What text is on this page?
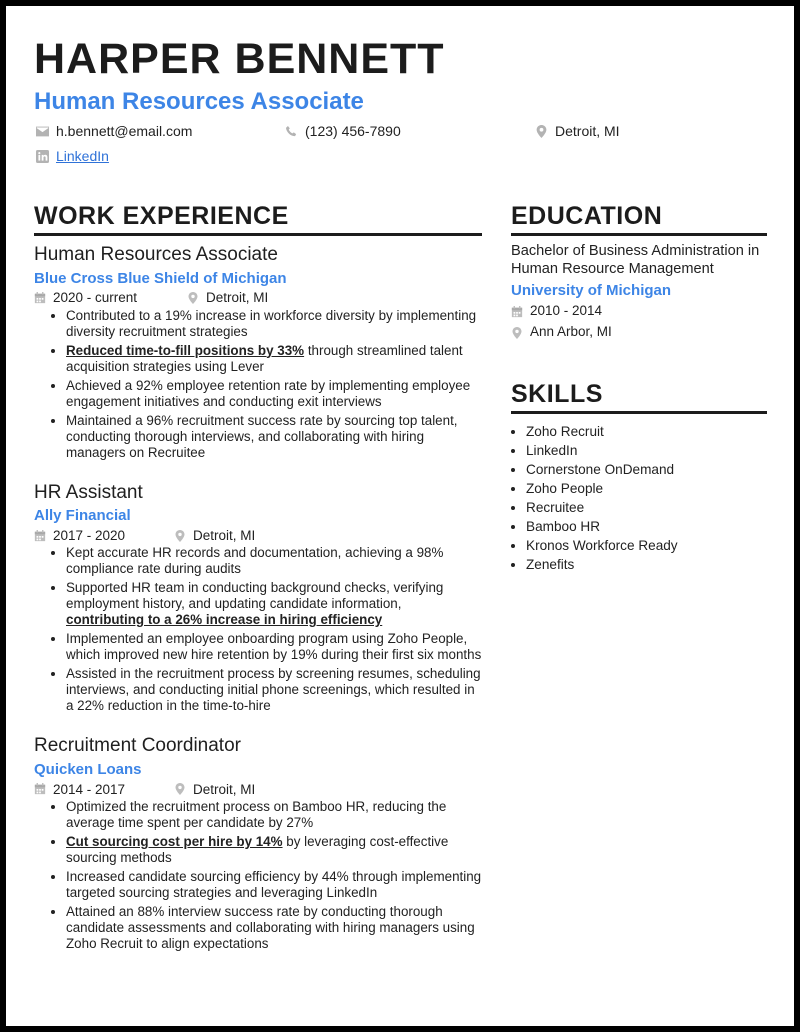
HARPER BENNETT
Human Resources Associate
h.bennett@email.com	(123) 456-7890	Detroit, MI
LinkedIn
WORK EXPERIENCE
Human Resources Associate
Blue Cross Blue Shield of Michigan
2020 - current	Detroit, MI
• Contributed to a 19% increase in workforce diversity by implementing diversity recruitment strategies
• Reduced time-to-fill positions by 33% through streamlined talent acquisition strategies using Lever
• Achieved a 92% employee retention rate by implementing employee engagement initiatives and conducting exit interviews
• Maintained a 96% recruitment success rate by sourcing top talent, conducting thorough interviews, and collaborating with hiring managers on Recruitee
HR Assistant
Ally Financial
2017 - 2020	Detroit, MI
• Kept accurate HR records and documentation, achieving a 98% compliance rate during audits
• Supported HR team in conducting background checks, verifying employment history, and updating candidate information, contributing to a 26% increase in hiring efficiency
• Implemented an employee onboarding program using Zoho People, which improved new hire retention by 19% during their first six months
• Assisted in the recruitment process by screening resumes, scheduling interviews, and conducting initial phone screenings, which resulted in a 22% reduction in the time-to-hire
Recruitment Coordinator
Quicken Loans
2014 - 2017	Detroit, MI
• Optimized the recruitment process on Bamboo HR, reducing the average time spent per candidate by 27%
• Cut sourcing cost per hire by 14% by leveraging cost-effective sourcing methods
• Increased candidate sourcing efficiency by 44% through implementing targeted sourcing strategies and leveraging LinkedIn
• Attained an 88% interview success rate by conducting thorough candidate assessments and collaborating with hiring managers using Zoho Recruit to align expectations
EDUCATION
Bachelor of Business Administration in Human Resource Management
University of Michigan
2010 - 2014
Ann Arbor, MI
SKILLS
• Zoho Recruit
• LinkedIn
• Cornerstone OnDemand
• Zoho People
• Recruitee
• Bamboo HR
• Kronos Workforce Ready
• Zenefits
